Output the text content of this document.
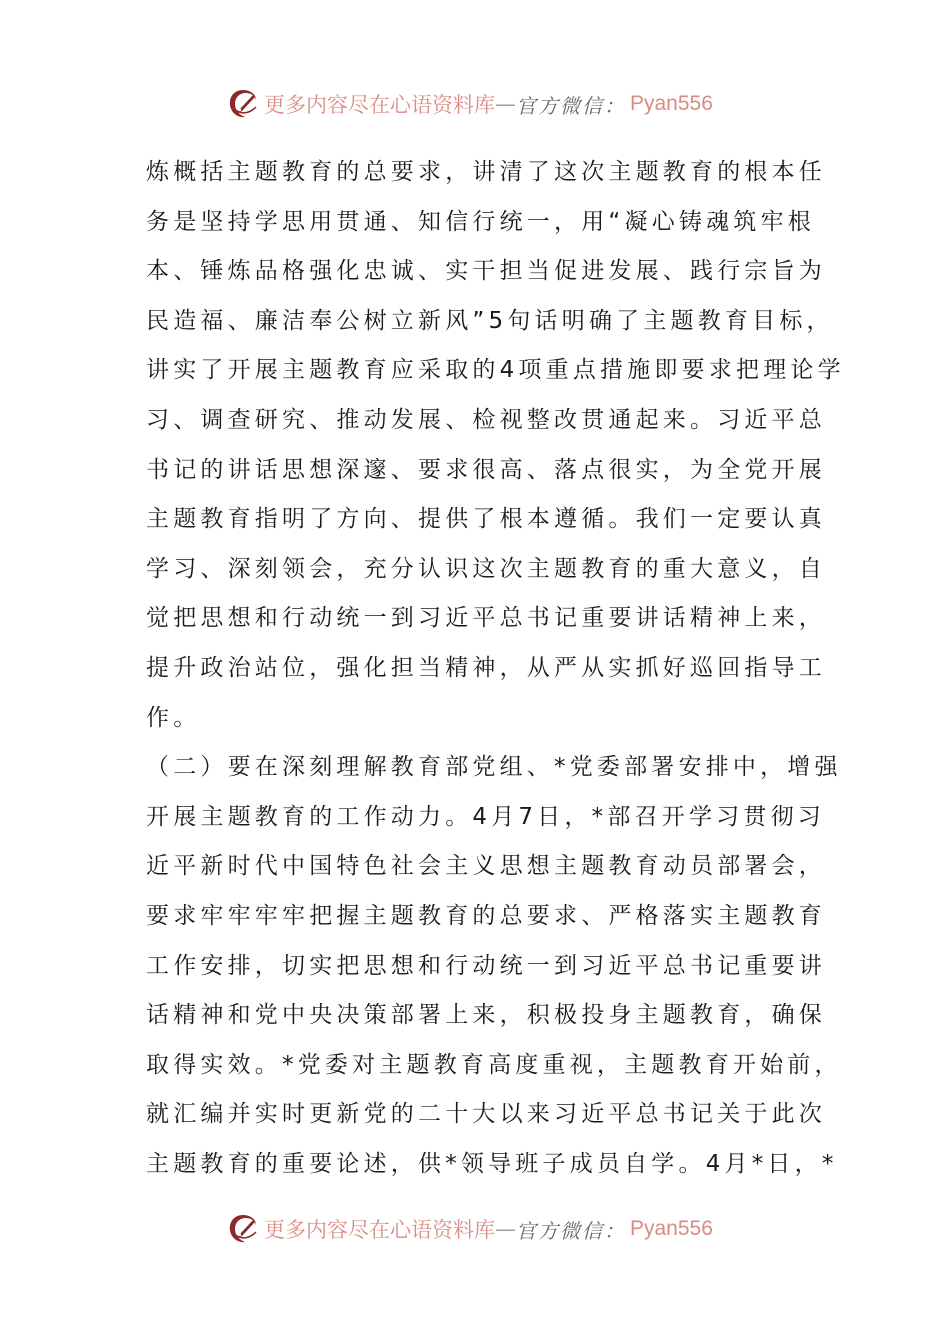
更多内容尽在心语资料库 — 官方微信： Pyan556
炼概括主题教育的总要求，讲清了这次主题教育的根本任
务是坚持学思用贯通、知信行统一，用“凝心铸魂筑牢根
本、锤炼品格强化忠诚、实干担当促进发展、践行宗旨为
民造福、廉洁奉公树立新风”5句话明确了主题教育目标，
讲实了开展主题教育应采取的4项重点措施即要求把理论学
习、调查研究、推动发展、检视整改贯通起来。习近平总
书记的讲话思想深邃、要求很高、落点很实，为全党开展
主题教育指明了方向、提供了根本遵循。我们一定要认真
学习、深刻领会，充分认识这次主题教育的重大意义，自
觉把思想和行动统一到习近平总书记重要讲话精神上来，
提升政治站位，强化担当精神，从严从实抓好巡回指导工
作。
（二）要在深刻理解教育部党组、*党委部署安排中，增强
开展主题教育的工作动力。4月7日，*部召开学习贯彻习
近平新时代中国特色社会主义思想主题教育动员部署会，
要求牢牢牢牢把握主题教育的总要求、严格落实主题教育
工作安排，切实把思想和行动统一到习近平总书记重要讲
话精神和党中央决策部署上来，积极投身主题教育，确保
取得实效。*党委对主题教育高度重视，主题教育开始前，
就汇编并实时更新党的二十大以来习近平总书记关于此次
主题教育的重要论述，供*领导班子成员自学。4月*日，*
更多内容尽在心语资料库 — 官方微信： Pyan556
